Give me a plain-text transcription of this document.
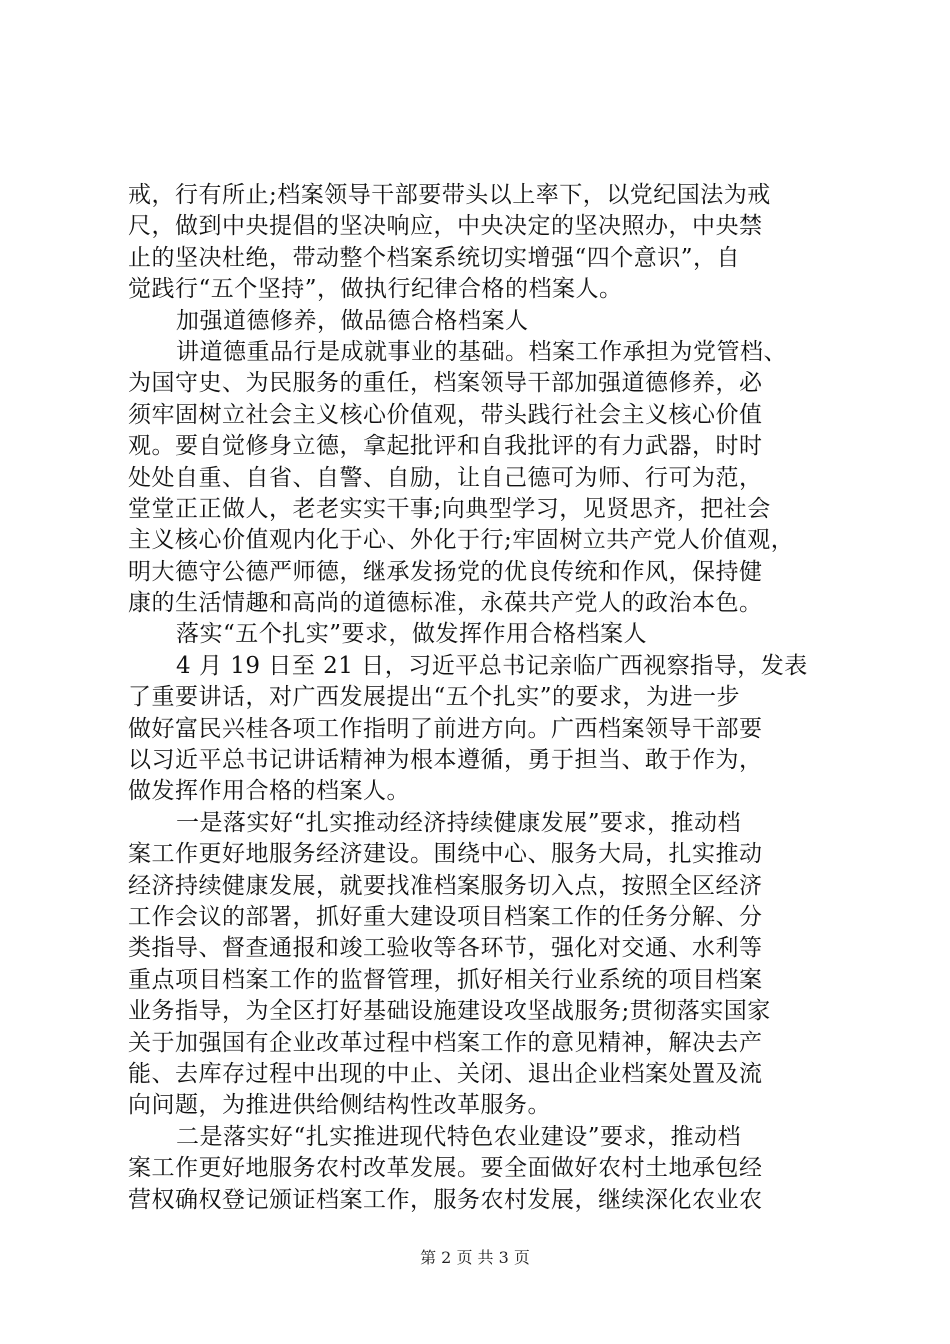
戒，行有所止;档案领导干部要带头以上率下，以党纪国法为戒
尺，做到中央提倡的坚决响应，中央决定的坚决照办，中央禁
止的坚决杜绝，带动整个档案系统切实增强“四个意识”，自
觉践行“五个坚持”，做执行纪律合格的档案人。
加强道德修养，做品德合格档案人
讲道德重品行是成就事业的基础。档案工作承担为党管档、
为国守史、为民服务的重任，档案领导干部加强道德修养，必
须牢固树立社会主义核心价值观，带头践行社会主义核心价值
观。要自觉修身立德，拿起批评和自我批评的有力武器，时时
处处自重、自省、自警、自励，让自己德可为师、行可为范，
堂堂正正做人，老老实实干事;向典型学习，见贤思齐，把社会
主义核心价值观内化于心、外化于行;牢固树立共产党人价值观，
明大德守公德严师德，继承发扬党的优良传统和作风，保持健
康的生活情趣和高尚的道德标准，永葆共产党人的政治本色。
落实“五个扎实”要求，做发挥作用合格档案人
4 月 19 日至 21 日，习近平总书记亲临广西视察指导，发表
了重要讲话，对广西发展提出“五个扎实”的要求，为进一步
做好富民兴桂各项工作指明了前进方向。广西档案领导干部要
以习近平总书记讲话精神为根本遵循，勇于担当、敢于作为，
做发挥作用合格的档案人。
一是落实好“扎实推动经济持续健康发展”要求，推动档
案工作更好地服务经济建设。围绕中心、服务大局，扎实推动
经济持续健康发展，就要找准档案服务切入点，按照全区经济
工作会议的部署，抓好重大建设项目档案工作的任务分解、分
类指导、督查通报和竣工验收等各环节，强化对交通、水利等
重点项目档案工作的监督管理，抓好相关行业系统的项目档案
业务指导，为全区打好基础设施建设攻坚战服务;贯彻落实国家
关于加强国有企业改革过程中档案工作的意见精神，解决去产
能、去库存过程中出现的中止、关闭、退出企业档案处置及流
向问题，为推进供给侧结构性改革服务。
二是落实好“扎实推进现代特色农业建设”要求，推动档
案工作更好地服务农村改革发展。要全面做好农村土地承包经
营权确权登记颁证档案工作，服务农村发展，继续深化农业农
第 2 页 共 3 页
